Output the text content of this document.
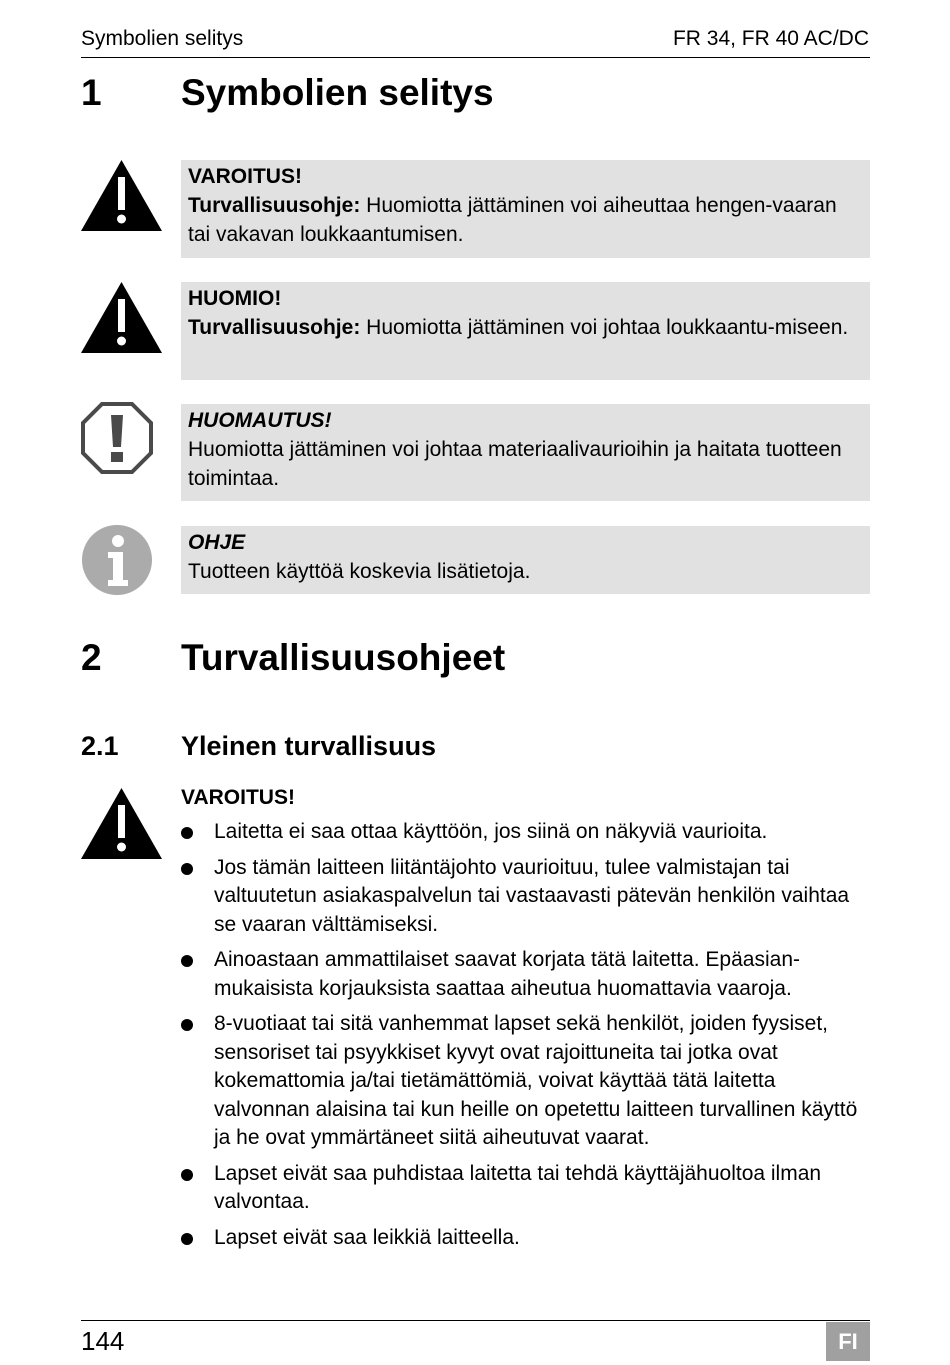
Symbolien selitys	FR 34, FR 40 AC/DC
1 Symbolien selitys
VAROITUS!
Turvallisuusohje: Huomiotta jättäminen voi aiheuttaa hengen-vaaran tai vakavan loukkaantumisen.
HUOMIO!
Turvallisuusohje: Huomiotta jättäminen voi johtaa loukkaantu-miseen.
HUOMAUTUS!
Huomiotta jättäminen voi johtaa materiaalivaurioihin ja haitata tuotteen toimintaa.
OHJE
Tuotteen käyttöä koskevia lisätietoja.
2 Turvallisuusohjeet
2.1 Yleinen turvallisuus
VAROITUS!
Laitetta ei saa ottaa käyttöön, jos siinä on näkyviä vaurioita.
Jos tämän laitteen liitäntäjohto vaurioituu, tulee valmistajan tai valtuutetun asiakaspalvelun tai vastaavasti pätevän henkilön vaihtaa se vaaran välttämiseksi.
Ainoastaan ammattilaiset saavat korjata tätä laitetta. Epäasian-mukaisista korjauksista saattaa aiheutua huomattavia vaaroja.
8-vuotiaat tai sitä vanhemmat lapset sekä henkilöt, joiden fyysiset, sensoriset tai psyykkiset kyvyt ovat rajoittuneita tai jotka ovat kokemattomia ja/tai tietämättömiä, voivat käyttää tätä laitetta valvonnan alaisina tai kun heille on opetettu laitteen turvallinen käyttö ja he ovat ymmärtäneet siitä aiheutuvat vaarat.
Lapset eivät saa puhdistaa laitetta tai tehdä käyttäjähuoltoa ilman valvontaa.
Lapset eivät saa leikkiä laitteella.
144	FI
